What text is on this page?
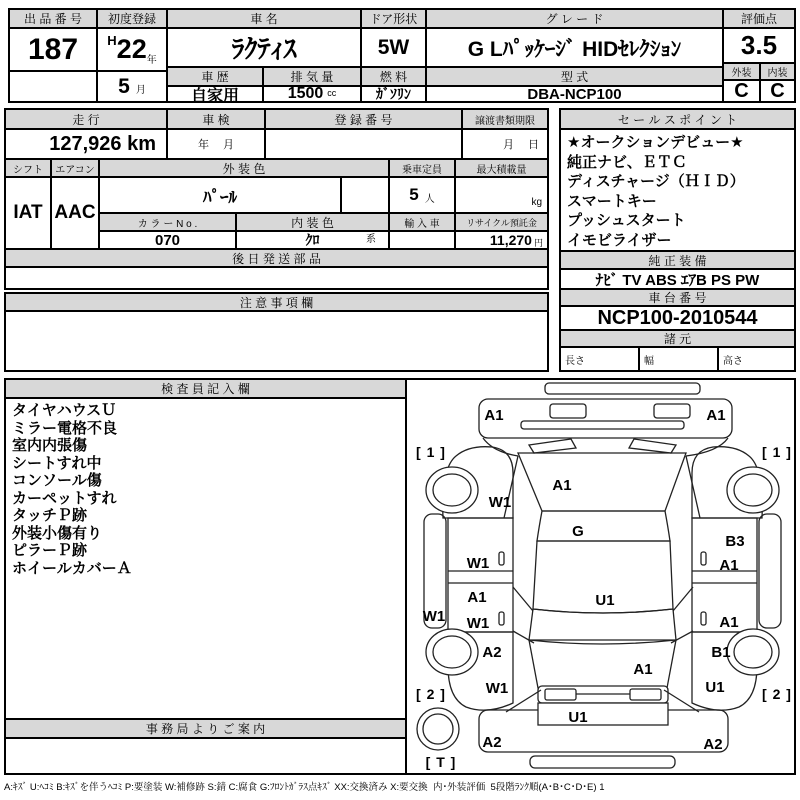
出 品 番 号
187
初度登録
H 22 年
5 月
車 名
ﾗｸﾃｨｽ
車 歴
自家用
排 気 量
1500 cc
ドア形状
5W
燃 料
ｶﾞｿﾘﾝ
グ レ ー ド
G Lﾊﾟｯｹｰｼﾞ HIDｾﾚｸｼｮﾝ
型 式
DBA-NCP100
評価点
3.5
外装	内装
C	C
走 行
127,926 km
車 検
年　 月
登 録 番 号	譲渡書類期限
月　 日
シフト
IAT
エアコン
AAC
外 装 色
ﾊﾟｰﾙ
カ ラ ー N o .	内 装 色
070	ｸﾛ	系
乗車定員
5 人
輸 入 車
最大積載量
kg
リサイクル預託金
11,270 円
後 日 発 送 部 品
注 意 事 項 欄
セ ー ル ス ポ イ ン ト
★オークションデビュー★
純正ナビ、ＥＴＣ
ディスチャージ（ＨＩＤ）
スマートキー
プッシュスタート
イモビライザー
純 正 装 備
ﾅﾋﾞ TV ABS ｴｱB PS PW
車 台 番 号
NCP100-2010544
諸 元
長さ	幅	高さ
検 査 員 記 入 欄
タイヤハウスＵ
ミラー電格不良
室内内張傷
シートすれ中
コンソール傷
カーペットすれ
タッチＰ跡
外装小傷有り
ピラーＰ跡
ホイールカバーＡ
事 務 局 よ り ご 案 内
A1	A1
A1
W1
G
B3
W1	A1
A1	U1
W1 W1	A1
A2	B1
W1	U1
A1
U1
A2	A2
[ 1 ]	[ 1 ]
[ 2 ]	[ 2 ]
[ T ]
A:ｷｽﾞ U:ﾍｺﾐ B:ｷｽﾞを伴うﾍｺﾐ P:要塗装 W:補修跡 S:錆 C:腐食 G:ﾌﾛﾝﾄｶﾞﾗｽ点ｷｽﾞ XX:交換済み X:要交換  内･外装評価  5段階ﾗﾝｸ順(A･B･C･D･E) 1
